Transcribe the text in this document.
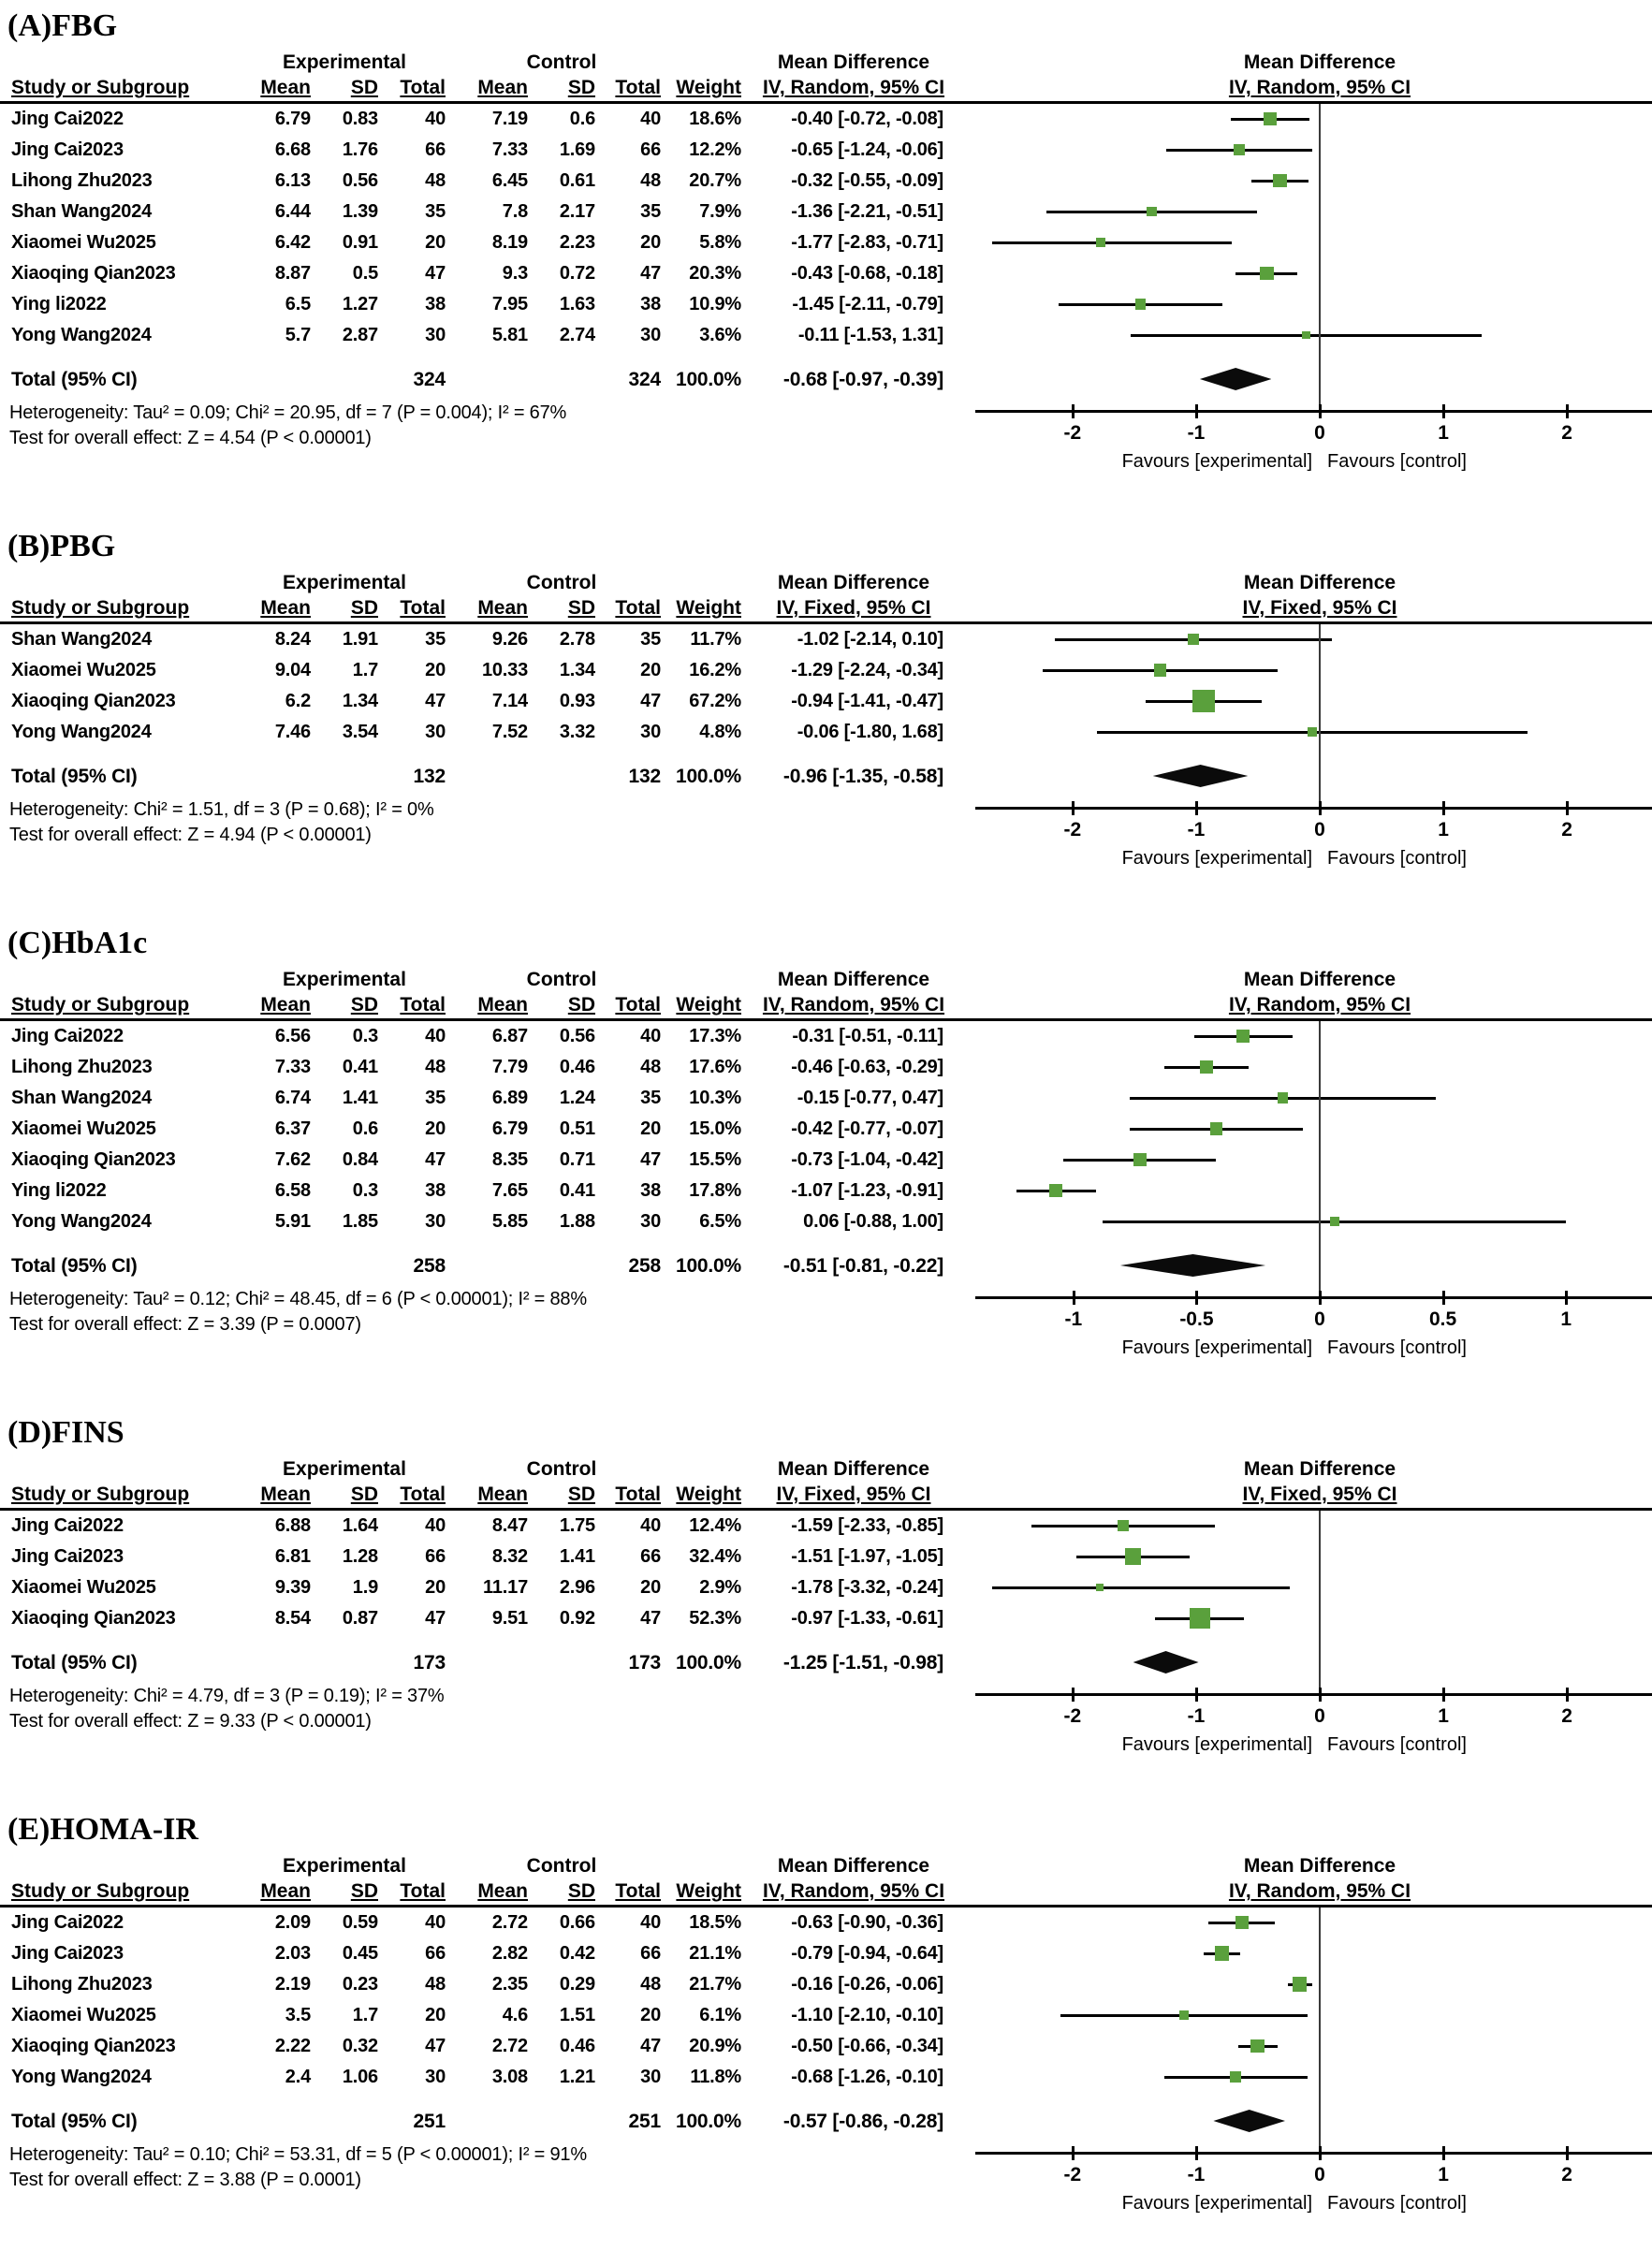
(A)FBG
Experimental	Control	Mean Difference	Mean Difference
Study or Subgroup	Mean	SD	Total	Mean	SD	Total Weight	IV, Random, 95% CI	IV, Random, 95% CI
Jing Cai2022	6.79	0.83	40	7.19	0.6	40	18.6%	-0.40 [-0.72, -0.08]
Jing Cai2023	6.68	1.76	66	7.33	1.69	66	12.2%	-0.65 [-1.24, -0.06]
Lihong Zhu2023	6.13	0.56	48	6.45	0.61	48	20.7%	-0.32 [-0.55, -0.09]
Shan Wang2024	6.44	1.39	35	7.8	2.17	35	7.9%	-1.36 [-2.21, -0.51]
Xiaomei Wu2025	6.42	0.91	20	8.19	2.23	20	5.8%	-1.77 [-2.83, -0.71]
Xiaoqing Qian2023	8.87	0.5	47	9.3	0.72	47	20.3%	-0.43 [-0.68, -0.18]
Ying li2022	6.5	1.27	38	7.95	1.63	38	10.9%	-1.45 [-2.11, -0.79]
Yong Wang2024	5.7	2.87	30	5.81	2.74	30	3.6%	-0.11 [-1.53, 1.31]
Total (95% CI)	324	324 100.0%	-0.68 [-0.97, -0.39]
Heterogeneity: Tau² = 0.09; Chi² = 20.95, df = 7 (P = 0.004); I² = 67%
Test for overall effect: Z = 4.54 (P < 0.00001)	-2	-1	0	1	2
Favours [experimental] Favours [control]
(B)PBG
Experimental	Control	Mean Difference	Mean Difference
Study or Subgroup	Mean	SD	Total	Mean	SD	Total Weight	IV, Fixed, 95% CI	IV, Fixed, 95% CI
Shan Wang2024	8.24	1.91	35	9.26	2.78	35	11.7%	-1.02 [-2.14, 0.10]
Xiaomei Wu2025	9.04	1.7	20	10.33	1.34	20	16.2%	-1.29 [-2.24, -0.34]
Xiaoqing Qian2023	6.2	1.34	47	7.14	0.93	47	67.2%	-0.94 [-1.41, -0.47]
Yong Wang2024	7.46	3.54	30	7.52	3.32	30	4.8%	-0.06 [-1.80, 1.68]
Total (95% CI)	132	132 100.0%	-0.96 [-1.35, -0.58]
Heterogeneity: Chi² = 1.51, df = 3 (P = 0.68); I² = 0%
Test for overall effect: Z = 4.94 (P < 0.00001)	-2	-1	0	1	2
Favours [experimental] Favours [control]
(C)HbA1c
Experimental	Control	Mean Difference	Mean Difference
Study or Subgroup	Mean	SD	Total	Mean	SD	Total Weight	IV, Random, 95% CI	IV, Random, 95% CI
Jing Cai2022	6.56	0.3	40	6.87	0.56	40	17.3%	-0.31 [-0.51, -0.11]
Lihong Zhu2023	7.33	0.41	48	7.79	0.46	48	17.6%	-0.46 [-0.63, -0.29]
Shan Wang2024	6.74	1.41	35	6.89	1.24	35	10.3%	-0.15 [-0.77, 0.47]
Xiaomei Wu2025	6.37	0.6	20	6.79	0.51	20	15.0%	-0.42 [-0.77, -0.07]
Xiaoqing Qian2023	7.62	0.84	47	8.35	0.71	47	15.5%	-0.73 [-1.04, -0.42]
Ying li2022	6.58	0.3	38	7.65	0.41	38	17.8%	-1.07 [-1.23, -0.91]
Yong Wang2024	5.91	1.85	30	5.85	1.88	30	6.5%	0.06 [-0.88, 1.00]
Total (95% CI)	258	258 100.0%	-0.51 [-0.81, -0.22]
Heterogeneity: Tau² = 0.12; Chi² = 48.45, df = 6 (P < 0.00001); I² = 88%
Test for overall effect: Z = 3.39 (P = 0.0007)	-1	-0.5	0	0.5	1
Favours [experimental] Favours [control]
(D)FINS
Experimental	Control	Mean Difference	Mean Difference
Study or Subgroup	Mean	SD	Total	Mean	SD	Total Weight	IV, Fixed, 95% CI	IV, Fixed, 95% CI
Jing Cai2022	6.88	1.64	40	8.47	1.75	40	12.4%	-1.59 [-2.33, -0.85]
Jing Cai2023	6.81	1.28	66	8.32	1.41	66	32.4%	-1.51 [-1.97, -1.05]
Xiaomei Wu2025	9.39	1.9	20	11.17	2.96	20	2.9%	-1.78 [-3.32, -0.24]
Xiaoqing Qian2023	8.54	0.87	47	9.51	0.92	47	52.3%	-0.97 [-1.33, -0.61]
Total (95% CI)	173	173 100.0%	-1.25 [-1.51, -0.98]
Heterogeneity: Chi² = 4.79, df = 3 (P = 0.19); I² = 37%
Test for overall effect: Z = 9.33 (P < 0.00001)	-2	-1	0	1	2
Favours [experimental] Favours [control]
(E)HOMA-IR
Experimental	Control	Mean Difference	Mean Difference
Study or Subgroup	Mean	SD	Total	Mean	SD	Total Weight	IV, Random, 95% CI	IV, Random, 95% CI
Jing Cai2022	2.09	0.59	40	2.72	0.66	40	18.5%	-0.63 [-0.90, -0.36]
Jing Cai2023	2.03	0.45	66	2.82	0.42	66	21.1%	-0.79 [-0.94, -0.64]
Lihong Zhu2023	2.19	0.23	48	2.35	0.29	48	21.7%	-0.16 [-0.26, -0.06]
Xiaomei Wu2025	3.5	1.7	20	4.6	1.51	20	6.1%	-1.10 [-2.10, -0.10]
Xiaoqing Qian2023	2.22	0.32	47	2.72	0.46	47	20.9%	-0.50 [-0.66, -0.34]
Yong Wang2024	2.4	1.06	30	3.08	1.21	30	11.8%	-0.68 [-1.26, -0.10]
Total (95% CI)	251	251 100.0%	-0.57 [-0.86, -0.28]
Heterogeneity: Tau² = 0.10; Chi² = 53.31, df = 5 (P < 0.00001); I² = 91%
Test for overall effect: Z = 3.88 (P = 0.0001)	-2	-1	0	1	2
Favours [experimental] Favours [control]
